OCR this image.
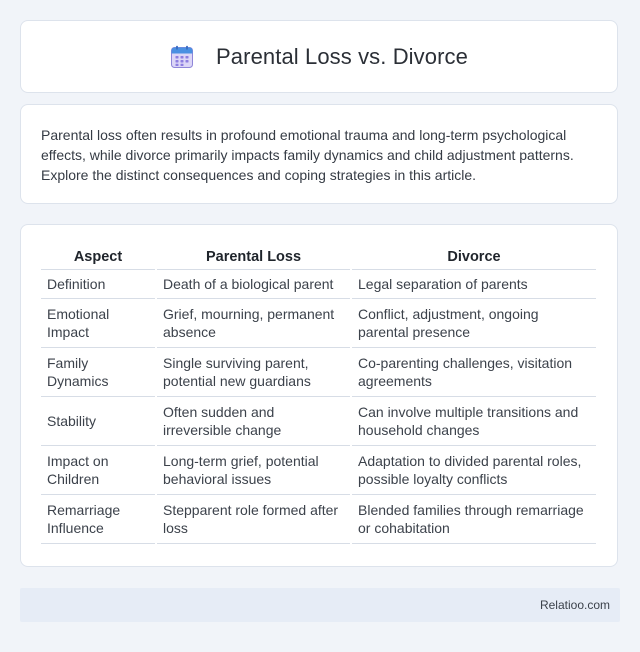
Parental Loss vs. Divorce

Parental loss often results in profound emotional trauma and long-term psychological effects, while divorce primarily impacts family dynamics and child adjustment patterns. Explore the distinct consequences and coping strategies in this article.

Aspect	Parental Loss	Divorce
Definition	Death of a biological parent	Legal separation of parents
Emotional Impact	Grief, mourning, permanent absence	Conflict, adjustment, ongoing parental presence
Family Dynamics	Single surviving parent, potential new guardians	Co-parenting challenges, visitation agreements
Stability	Often sudden and irreversible change	Can involve multiple transitions and household changes
Impact on Children	Long-term grief, potential behavioral issues	Adaptation to divided parental roles, possible loyalty conflicts
Remarriage Influence	Stepparent role formed after loss	Blended families through remarriage or cohabitation
Relatioo.com
